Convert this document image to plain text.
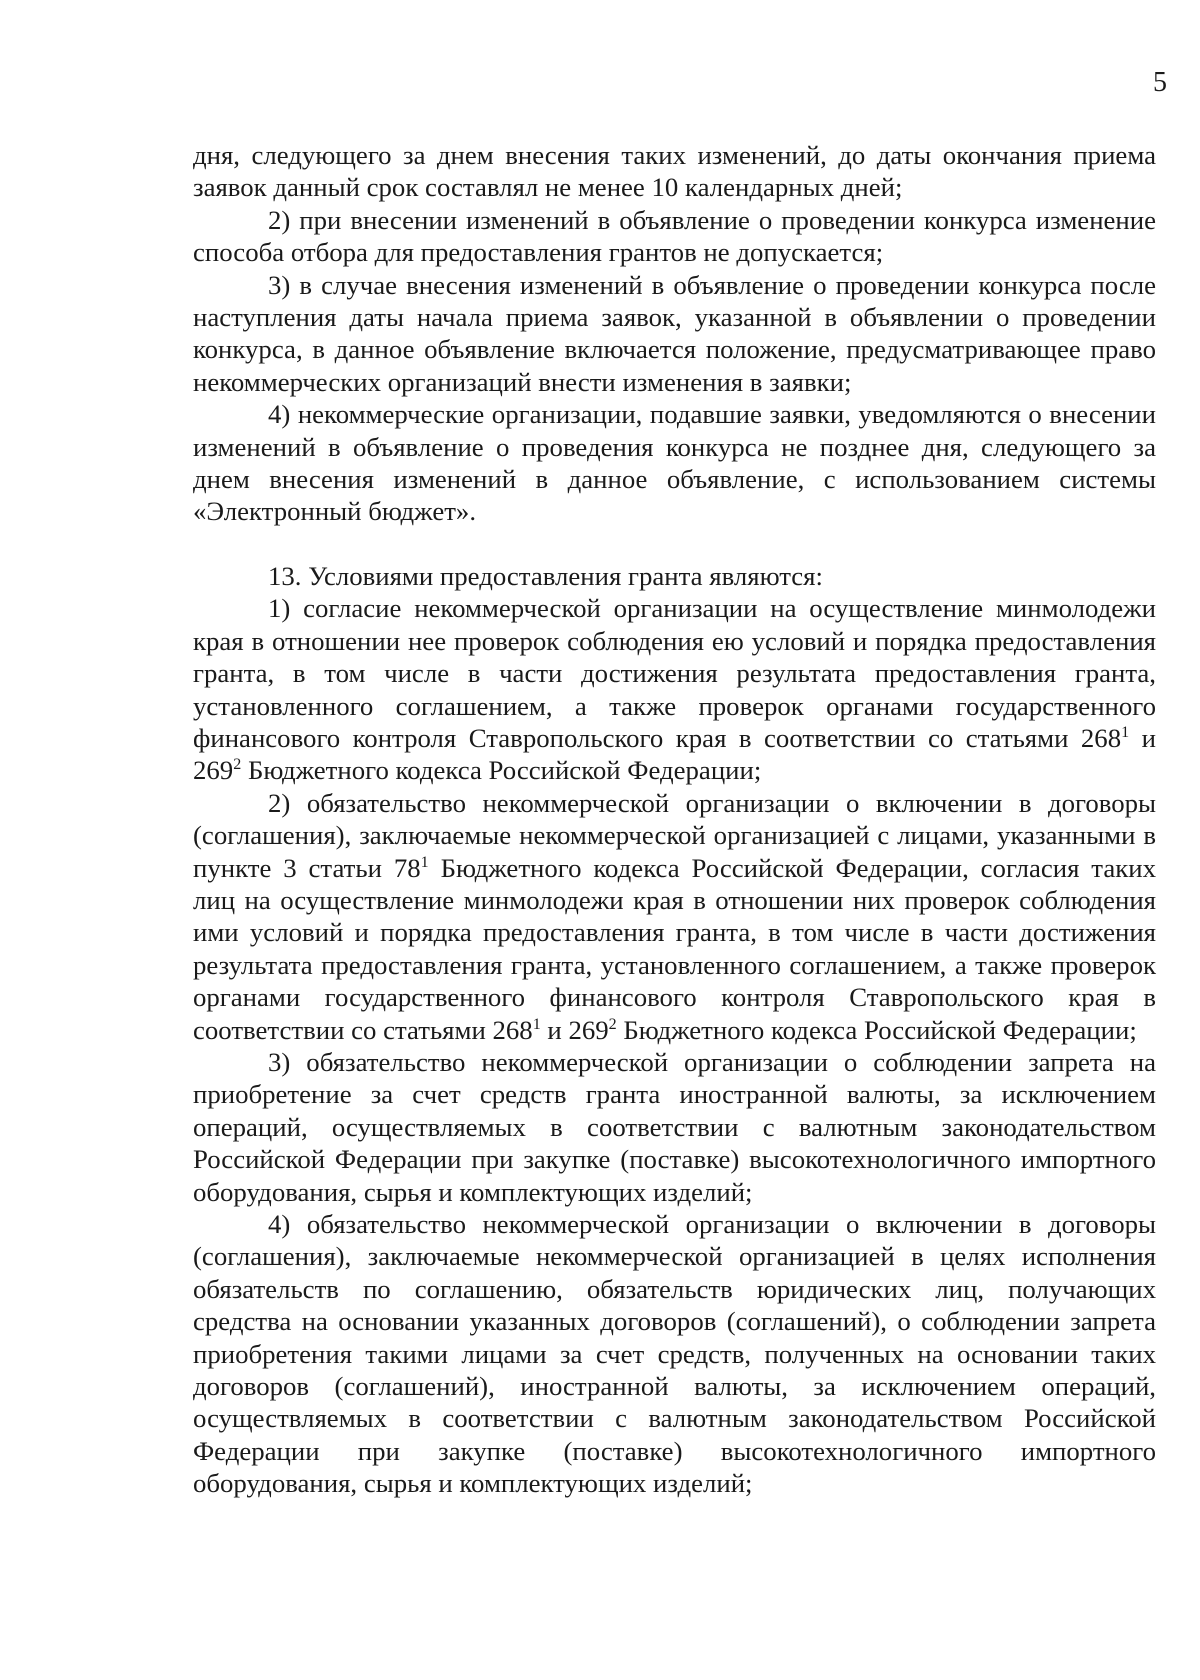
5

дня, следующего за днем внесения таких изменений, до даты окончания приема заявок данный срок составлял не менее 10 календарных дней;

2) при внесении изменений в объявление о проведении конкурса изменение способа отбора для предоставления грантов не допускается;

3) в случае внесения изменений в объявление о проведении конкурса после наступления даты начала приема заявок, указанной в объявлении о проведении конкурса, в данное объявление включается положение, предусматривающее право некоммерческих организаций внести изменения в заявки;

4) некоммерческие организации, подавшие заявки, уведомляются о внесении изменений в объявление о проведения конкурса не позднее дня, следующего за днем внесения изменений в данное объявление, с использованием системы «Электронный бюджет».

13. Условиями предоставления гранта являются:

1) согласие некоммерческой организации на осуществление минмолодежи края в отношении нее проверок соблюдения ею условий и порядка предоставления гранта, в том числе в части достижения результата предоставления гранта, установленного соглашением, а также проверок органами государственного финансового контроля Ставропольского края в соответствии со статьями $268^1$ и $269^2$ Бюджетного кодекса Российской Федерации;

2) обязательство некоммерческой организации о включении в договоры (соглашения), заключаемые некоммерческой организацией с лицами, указанными в пункте 3 статьи $78^1$ Бюджетного кодекса Российской Федерации, согласия таких лиц на осуществление минмолодежи края в отношении них проверок соблюдения ими условий и порядка предоставления гранта, в том числе в части достижения результата предоставления гранта, установленного соглашением, а также проверок органами государственного финансового контроля Ставропольского края в соответствии со статьями $268^1$ и $269^2$ Бюджетного кодекса Российской Федерации;

3) обязательство некоммерческой организации о соблюдении запрета на приобретение за счет средств гранта иностранной валюты, за исключением операций, осуществляемых в соответствии с валютным законодательством Российской Федерации при закупке (поставке) высокотехнологичного импортного оборудования, сырья и комплектующих изделий;

4) обязательство некоммерческой организации о включении в договоры (соглашения), заключаемые некоммерческой организацией в целях исполнения обязательств по соглашению, обязательств юридических лиц, получающих средства на основании указанных договоров (соглашений), о соблюдении запрета приобретения такими лицами за счет средств, полученных на основании таких договоров (соглашений), иностранной валюты, за исключением операций, осуществляемых в соответствии с валютным законодательством Российской Федерации при закупке (поставке) высокотехнологичного импортного оборудования, сырья и комплектующих изделий;
